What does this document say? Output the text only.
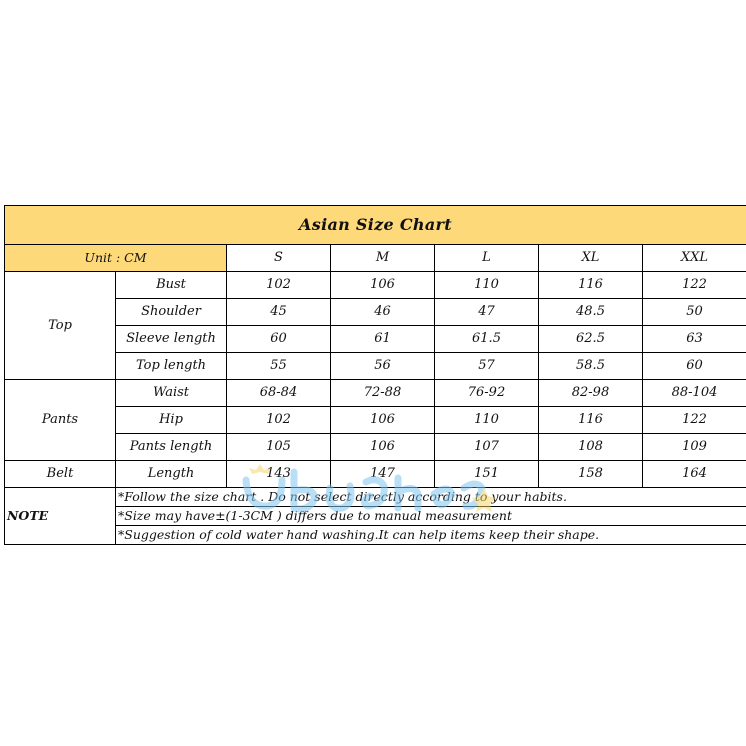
Asian Size Chart						
Unit : CM		S	M	L	XL	XXL
Top	Bust	102	106	110	116	122
	Shoulder	45	46	47	48.5	50
	Sleeve length	60	61	61.5	62.5	63
	Top length	55	56	57	58.5	60
Pants	Waist	68-84	72-88	76-92	82-98	88-104
	Hip	102	106	110	116	122
	Pants length	105	106	107	108	109
Belt	Length	143	147	151	158	164
NOTE	*Follow the size chart . Do not select directly according to your habits.					
	*Size may have±(1-3CM ) differs due to manual measurement					
	*Suggestion of cold water hand washing.It can help items keep their shape.					
